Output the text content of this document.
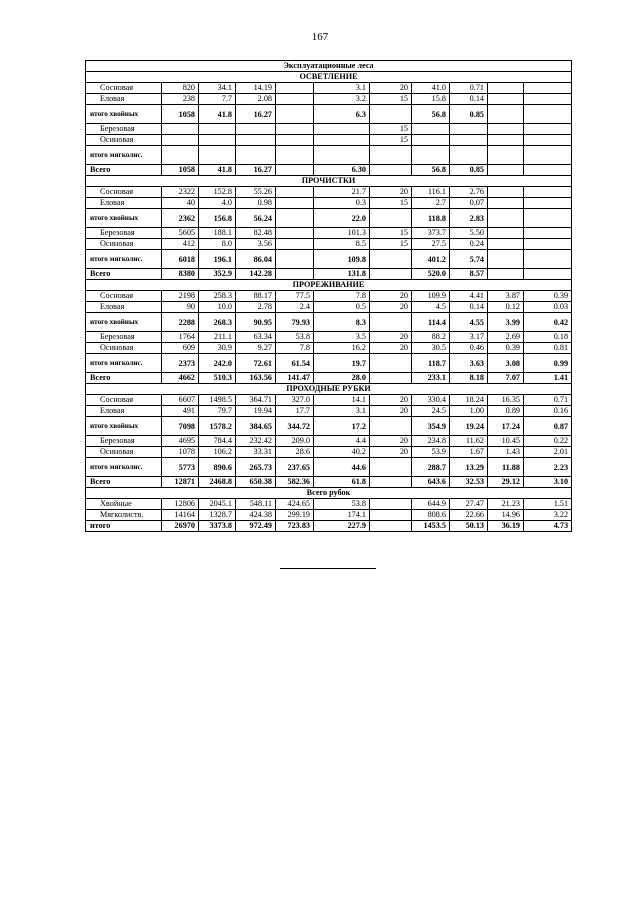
167
Эксплуатационные леса										
ОСВЕТЛЕНИЕ										
Сосновая	820	34.1	14.19		3.1	20	41.0	0.71		
Еловая	238	7.7	2.08		3.2	15	15.8	0.14		
итого хвойных	1058	41.8	16.27		6.3		56.8	0.85		
Березовая						15				
Осиновая						15				
итого мягколис.										
Всего	1058	41.8	16.27		6.30		56.8	0.85		
ПРОЧИСТКИ										
Сосновая	2322	152.8	55.26		21.7	20	116.1	2.76		
Еловая	40	4.0	0.98		0.3	15	2.7	0.07		
итого хвойных	2362	156.8	56.24		22.0		118.8	2.83		
Березовая	5605	188.1	82.48		101.3	15	373.7	5.50		
Осиновая	412	8.0	3.56		8.5	15	27.5	0.24		
итого мягколис.	6018	196.1	86.04		109.8		401.2	5.74		
Всего	8380	352.9	142.28		131.8		520.0	8.57		
ПРОРЕЖИВАНИЕ										
Сосновая	2198	258.3	88.17	77.5	7.8	20	109.9	4.41	3.87	0.39
Еловая	90	10.0	2.78	2.4	0.5	20	4.5	0.14	0.12	0.03
итого хвойных	2288	268.3	90.95	79.93	8.3		114.4	4.55	3.99	0.42
Березовая	1764	211.1	63.34	53.8	3.5	20	88.2	3.17	2.69	0.18
Осиновая	609	30.9	9.27	7.8	16.2	20	30.5	0.46	0.39	0.81
итого мягколис.	2373	242.0	72.61	61.54	19.7		118.7	3.63	3.08	0.99
Всего	4662	510.3	163.56	141.47	28.0		233.1	8.18	7.07	1.41
ПРОХОДНЫЕ РУБКИ										
Сосновая	6607	1498.5	364.71	327.0	14.1	20	330.4	18.24	16.35	0.71
Еловая	491	79.7	19.94	17.7	3.1	20	24.5	1.00	0.89	0.16
итого хвойных	7098	1578.2	384.65	344.72	17.2		354.9	19.24	17.24	0.87
Березовая	4695	784.4	232.42	209.0	4.4	20	234.8	11.62	10.45	0.22
Осиновая	1078	106.2	33.31	28.6	40.2	20	53.9	1.67	1.43	2.01
итого мягколис.	5773	890.6	265.73	237.65	44.6		288.7	13.29	11.88	2.23
Всего	12871	2468.8	650.38	582.36	61.8		643.6	32.53	29.12	3.10
Всего рубок										
Хвойные	12806	2045.1	548.11	424.65	53.8		644.9	27.47	21.23	1.51
Мягколиств.	14164	1328.7	424.38	299.19	174.1		808.6	22.66	14.96	3.22
итого	26970	3373.8	972.49	723.83	227.9		1453.5	50.13	36.19	4.73
